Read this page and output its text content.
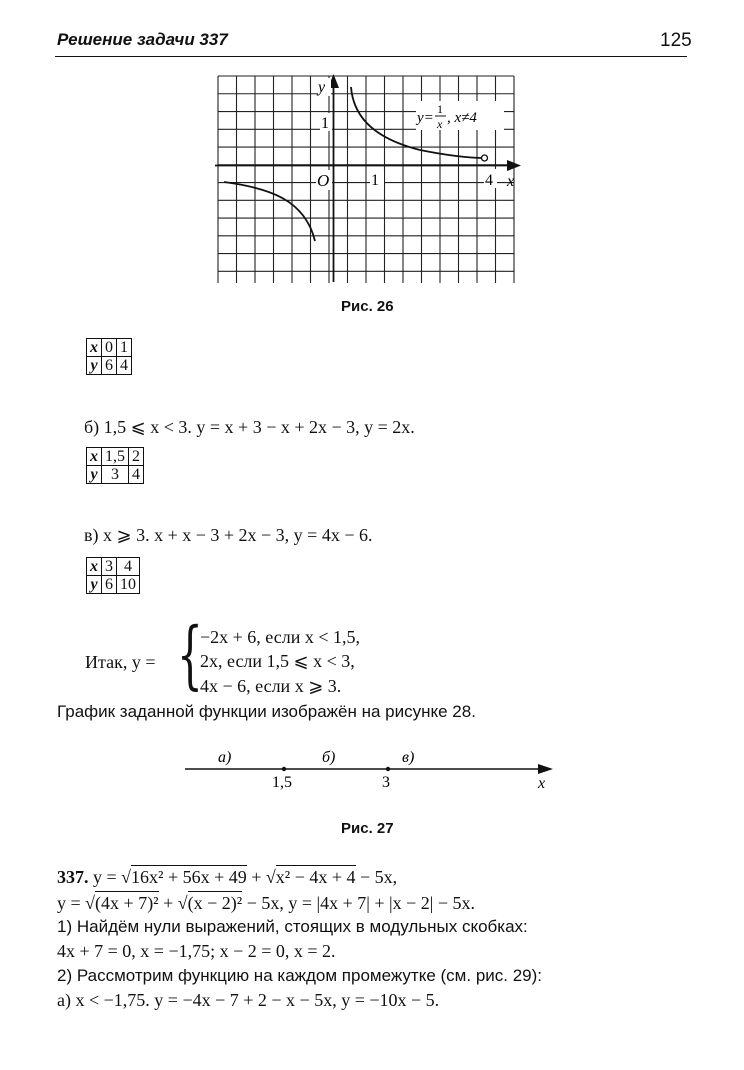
Решение задачи 337	125
O	1	4 x
y
1	y=
1
x , x≠4
Рис. 26
x	0	1
y	6	4
б) 1,5 ⩽ x < 3. y = x + 3 − x + 2x − 3, y = 2x.
x	1,5	2
y	3	4
в) x ⩾ 3. x + x − 3 + 2x − 3, y = 4x − 6.
x	3	4
y	6	10
Итак, y = {
−2x + 6, если x < 1,5,
2x, если 1,5 ⩽ x < 3,
4x − 6, если x ⩾ 3.
График заданной функции изображён на рисунке 28.
а)	б)	в)
1,5	3	x
Рис. 27
337. y = √16x² + 56x + 49 + √x² − 4x + 4 − 5x,
y = √(4x + 7)² + √(x − 2)² − 5x, y = |4x + 7| + |x − 2| − 5x.
1) Найдём нули выражений, стоящих в модульных скобках:
4x + 7 = 0, x = −1,75; x − 2 = 0, x = 2.
2) Рассмотрим функцию на каждом промежутке (см. рис. 29):
а) x < −1,75. y = −4x − 7 + 2 − x − 5x, y = −10x − 5.
